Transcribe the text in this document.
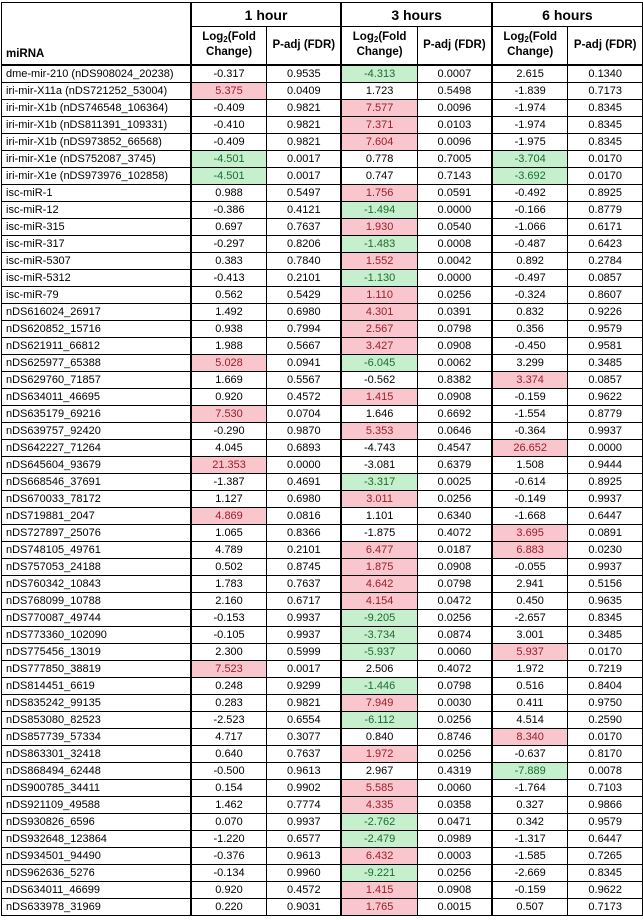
	1 hour		3 hours		6 hours	
miRNA	Log$_2$(Fold Change)	P-adj (FDR)	Log$_2$(Fold Change)	P-adj (FDR)	Log$_2$(Fold Change)	P-adj (FDR)
dme-mir-210 (nDS908024_20238)	-0.317	0.9535	-4.313	0.0007	2.615	0.1340
iri-mir-X11a (nDS721252_53004)	5.375	0.0409	1.723	0.5498	-1.839	0.7173
iri-mir-X1b (nDS746548_106364)	-0.409	0.9821	7.577	0.0096	-1.974	0.8345
iri-mir-X1b (nDS811391_109331)	-0.410	0.9821	7.371	0.0103	-1.974	0.8345
iri-mir-X1b (nDS973852_66568)	-0.409	0.9821	7.604	0.0096	-1.975	0.8345
iri-mir-X1e (nDS752087_3745)	-4.501	0.0017	0.778	0.7005	-3.704	0.0170
iri-mir-X1e (nDS973976_102858)	-4.501	0.0017	0.747	0.7143	-3.692	0.0170
isc-miR-1	0.988	0.5497	1.756	0.0591	-0.492	0.8925
isc-miR-12	-0.386	0.4121	-1.494	0.0000	-0.166	0.8779
isc-miR-315	0.697	0.7637	1.930	0.0540	-1.066	0.6171
isc-miR-317	-0.297	0.8206	-1.483	0.0008	-0.487	0.6423
isc-miR-5307	0.383	0.7840	1.552	0.0042	0.892	0.2784
isc-miR-5312	-0.413	0.2101	-1.130	0.0000	-0.497	0.0857
isc-miR-79	0.562	0.5429	1.110	0.0256	-0.324	0.8607
nDS616024_26917	1.492	0.6980	4.301	0.0391	0.832	0.9226
nDS620852_15716	0.938	0.7994	2.567	0.0798	0.356	0.9579
nDS621911_66812	1.988	0.5667	3.427	0.0908	-0.450	0.9581
nDS625977_65388	5.028	0.0941	-6.045	0.0062	3.299	0.3485
nDS629760_71857	1.669	0.5567	-0.562	0.8382	3.374	0.0857
nDS634011_46695	0.920	0.4572	1.415	0.0908	-0.159	0.9622
nDS635179_69216	7.530	0.0704	1.646	0.6692	-1.554	0.8779
nDS639757_92420	-0.290	0.9870	5.353	0.0646	-0.364	0.9937
nDS642227_71264	4.045	0.6893	-4.743	0.4547	26.652	0.0000
nDS645604_93679	21.353	0.0000	-3.081	0.6379	1.508	0.9444
nDS668546_37691	-1.387	0.4691	-3.317	0.0025	-0.614	0.8925
nDS670033_78172	1.127	0.6980	3.011	0.0256	-0.149	0.9937
nDS719881_2047	4.869	0.0816	1.101	0.6340	-1.668	0.6447
nDS727897_25076	1.065	0.8366	-1.875	0.4072	3.695	0.0891
nDS748105_49761	4.789	0.2101	6.477	0.0187	6.883	0.0230
nDS757053_24188	0.502	0.8745	1.875	0.0908	-0.055	0.9937
nDS760342_10843	1.783	0.7637	4.642	0.0798	2.941	0.5156
nDS768099_10788	2.160	0.6717	4.154	0.0472	0.450	0.9635
nDS770087_49744	-0.153	0.9937	-9.205	0.0256	-2.657	0.8345
nDS773360_102090	-0.105	0.9937	-3.734	0.0874	3.001	0.3485
nDS775456_13019	2.300	0.5999	-5.937	0.0060	5.937	0.0170
nDS777850_38819	7.523	0.0017	2.506	0.4072	1.972	0.7219
nDS814451_6619	0.248	0.9299	-1.446	0.0798	0.516	0.8404
nDS835242_99135	0.283	0.9821	7.949	0.0030	0.411	0.9750
nDS853080_82523	-2.523	0.6554	-6.112	0.0256	4.514	0.2590
nDS857739_57334	4.717	0.3077	0.840	0.8746	8.340	0.0170
nDS863301_32418	0.640	0.7637	1.972	0.0256	-0.637	0.8170
nDS868494_62448	-0.500	0.9613	2.967	0.4319	-7.889	0.0078
nDS900785_34411	0.154	0.9902	5.585	0.0060	-1.764	0.7103
nDS921109_49588	1.462	0.7774	4.335	0.0358	0.327	0.9866
nDS930826_6596	0.070	0.9937	-2.762	0.0471	0.342	0.9579
nDS932648_123864	-1.220	0.6577	-2.479	0.0989	-1.317	0.6447
nDS934501_94490	-0.376	0.9613	6.432	0.0003	-1.585	0.7265
nDS962636_5276	-0.134	0.9960	-9.221	0.0256	-2.669	0.8345
nDS634011_46699	0.920	0.4572	1.415	0.0908	-0.159	0.9622
nDS633978_31969	0.220	0.9031	1.765	0.0015	0.507	0.7173
